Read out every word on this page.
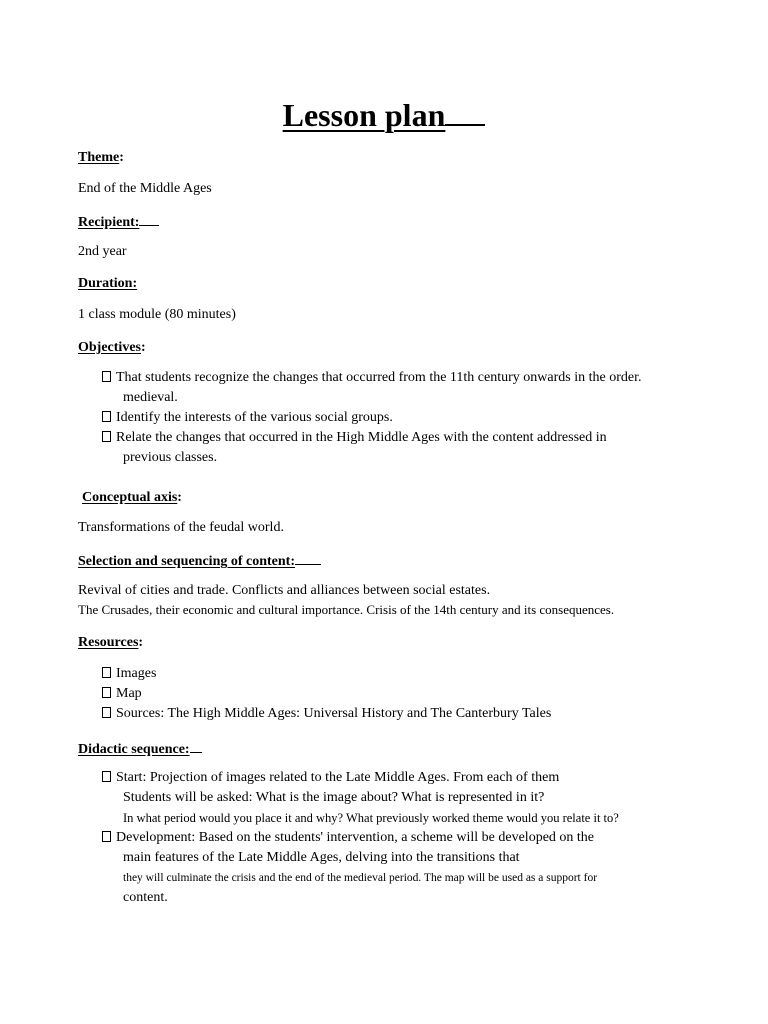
Lesson plan

Theme:

End of the Middle Ages

Recipient:

2nd year

Duration:

1 class module (80 minutes)

Objectives:

That students recognize the changes that occurred from the 11th century onwards in the order.
medieval.
Identify the interests of the various social groups.
Relate the changes that occurred in the High Middle Ages with the content addressed in
previous classes.

Conceptual axis:

Transformations of the feudal world.

Selection and sequencing of content:

Revival of cities and trade. Conflicts and alliances between social estates.

The Crusades, their economic and cultural importance. Crisis of the 14th century and its consequences.

Resources:

Images
Map
Sources: The High Middle Ages: Universal History and The Canterbury Tales

Didactic sequence:

Start: Projection of images related to the Late Middle Ages. From each of them
Students will be asked: What is the image about? What is represented in it?
In what period would you place it and why? What previously worked theme would you relate it to?
Development: Based on the students' intervention, a scheme will be developed on the
main features of the Late Middle Ages, delving into the transitions that
they will culminate the crisis and the end of the medieval period. The map will be used as a support for
content.
